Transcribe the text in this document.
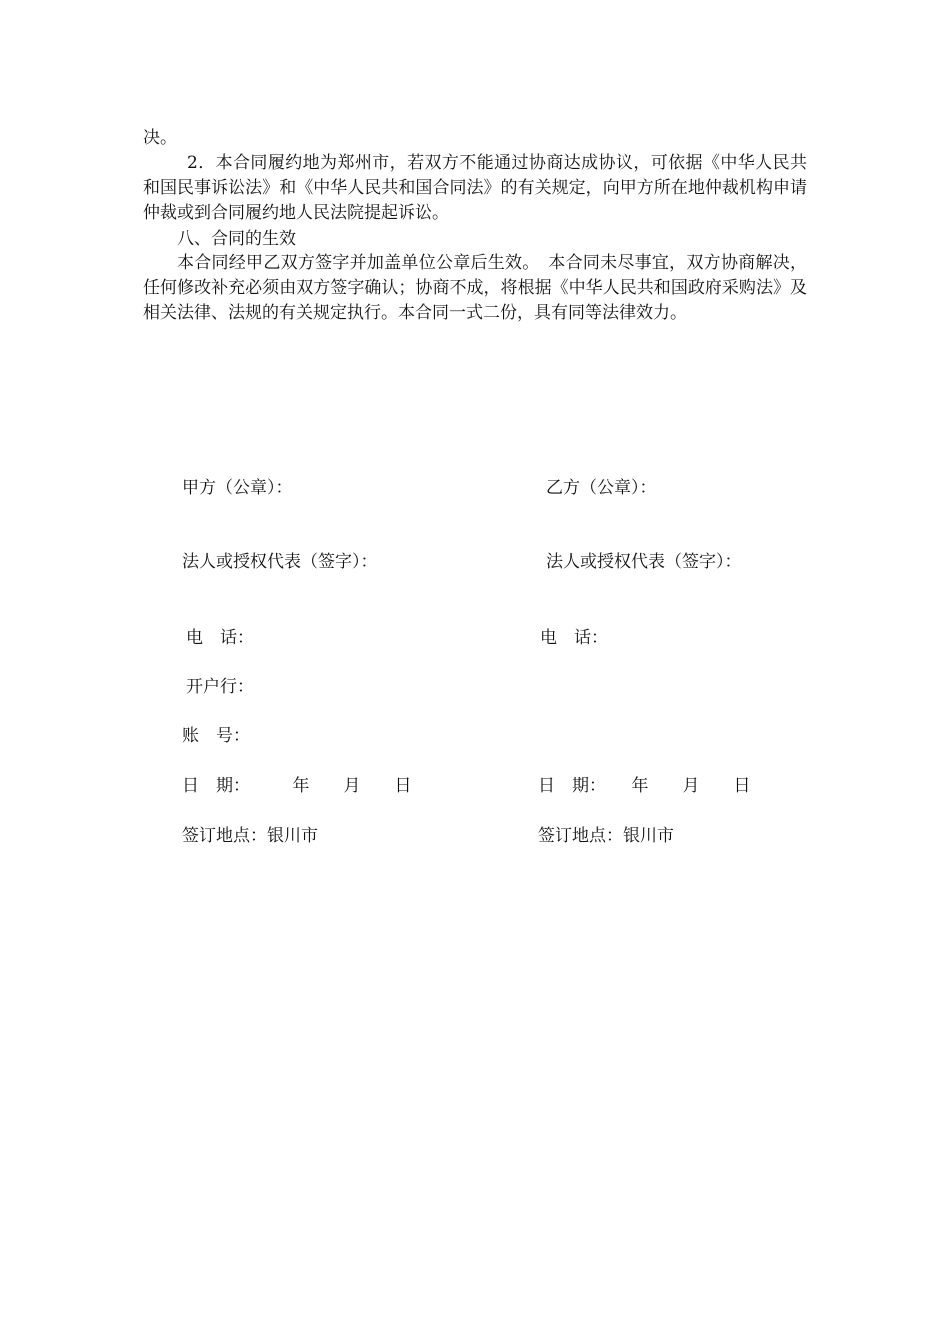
决。

2．本合同履约地为郑州市，若双方不能通过协商达成协议，可依据《中华人民共和国民事诉讼法》和《中华人民共和国合同法》的有关规定，向甲方所在地仲裁机构申请仲裁或到合同履约地人民法院提起诉讼。

八、合同的生效

本合同经甲乙双方签字并加盖单位公章后生效。　本合同未尽事宜，双方协商解决，任何修改补充必须由双方签字确认；协商不成，将根据《中华人民共和国政府采购法》及相关法律、法规的有关规定执行。本合同一式二份，具有同等法律效力。

甲方（公章）：

法人或授权代表（签字）：

电　话：

开户行：

账　号：

日　期：　　　年　　月　　日

签订地点：银川市

乙方（公章）：

法人或授权代表（签字）：

电　话：

日　期：　　年　　月　　日

签订地点：银川市
